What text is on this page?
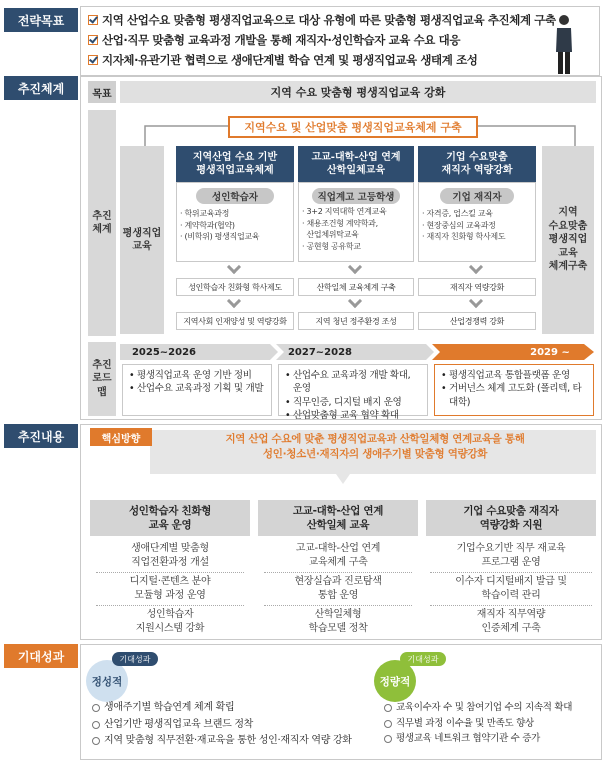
전략목표	지역 산업수요 맞춤형 평생직업교육으로 대상 유형에 따른 맞춤형 평생직업교육 추진체계 구축
산업·직무 맞춤형 교육과정 개발을 통해 재직자·성인학습자 교육 수요 대응
지자체·유관기관 협력으로 생애단계별 학습 연계 및 평생직업교육 생태계 조성
추진체계	목표	지역 수요 맞춤형 평생직업교육 강화
추진
체계
지역수요 및 산업맞춤 평생직업교육체제 구축
평생직업
교육
지역
수요맞춤
평생직업
교육
체계구축
지역산업 수요 기반
평생직업교육체제
성인학습자
· 학위교육과정
· 계약학과(협약)
· (비학위) 평생직업교육
성인학습자 친화형 학사제도
지역사회 인재양성 및 역량강화
고교-대학-산업 연계
산학일체교육
직업계고 고등학생
· 3+2 지역대학 연계교육
· 채용조건형 계약학과,
산업체위탁교육
· 공현형 공유학교
산학일체 교육체계 구축
지역 청년 정주환경 조성
기업 수요맞춤
재직자 역량강화
기업 재직자
· 자격증, 업스킬 교육
· 현장중심의 교육과정
· 재직자 친화형 학사제도
재직자 역량강화
산업경쟁력 강화
추진
로드
맵
2025~2026	2027~2028	2029 ~
• 평생직업교육 운영 기반 정비
• 산업수요 교육과정 기획 및 개발
• 산업수요 교육과정 개발 확대, 운영
• 직무인증, 디지털 배지 운영
• 산업맞춤형 교육 협약 확대
• 평생직업교육 통합플랫폼 운영
• 거버넌스 체계 고도화 (폴리텍, 타 대학)
추진내용	핵심방향	지역 산업 수요에 맞춘 평생직업교육과 산학일체형 연계교육을 통해
성인·청소년·재직자의 생애주기별 맞춤형 역량강화
성인학습자 친화형
교육 운영
생애단계별 맞춤형
직업전환과정 개설
디지털·콘텐츠 분야
모듈형 과정 운영
성인학습자
지원시스템 강화
고교-대학-산업 연계
산학일체 교육
고교-대학-산업 연계
교육체계 구축
현장실습과 진로탐색
통합 운영
산학일체형
학습모델 정착
기업 수요맞춤 재직자
역량강화 지원
기업수요기반 직무 재교육
프로그램 운영
이수자 디지털배지 발급 및
학습이력 관리
재직자 직무역량
인증체계 구축
기대성과
정성적
기대성과
생애주기별 학습연계 체계 확립
산업기반 평생직업교육 브랜드 정착
지역 맞춤형 직무전환·재교육을 통한 성인·재직자 역량 강화
정량적
기대성과
교육이수자 수 및 참여기업 수의 지속적 확대
직무별 과정 이수율 및 만족도 향상
평생교육 네트워크 협약기관 수 증가
